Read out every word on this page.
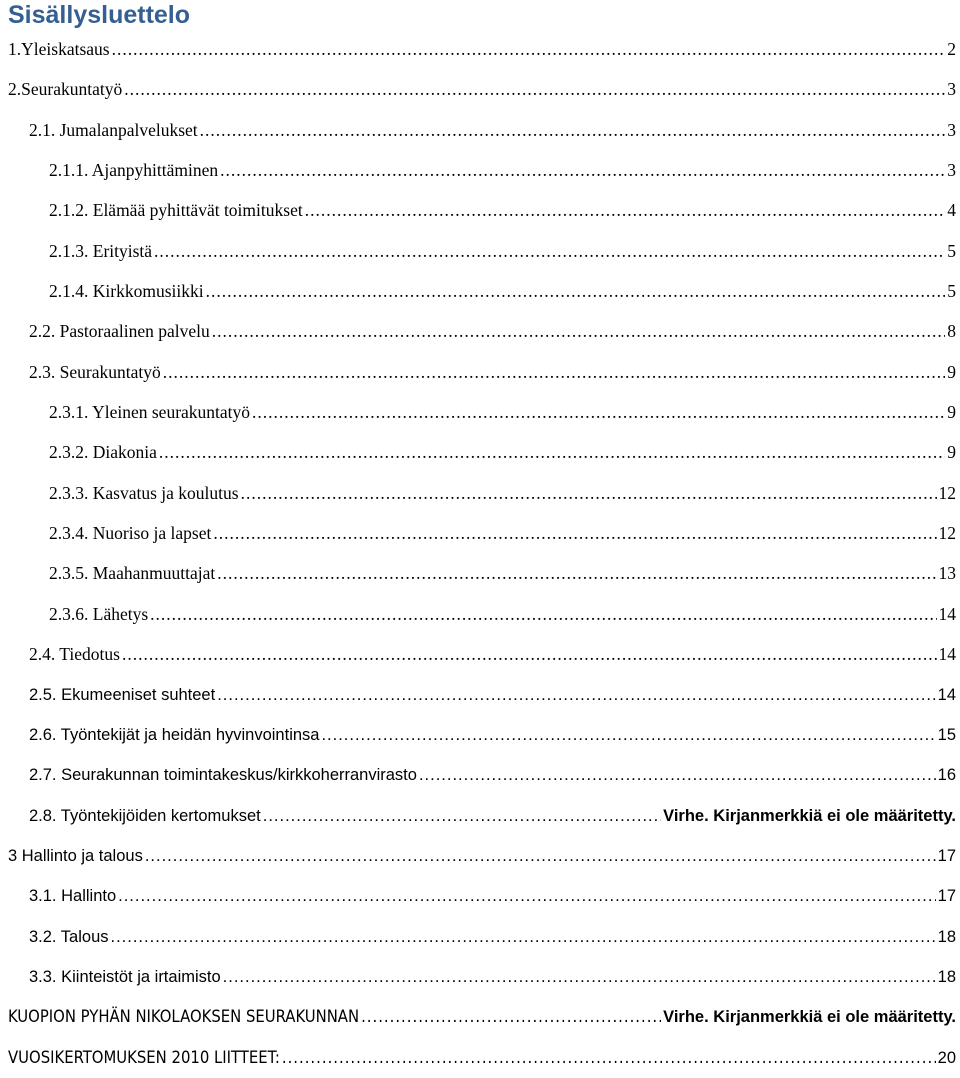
Sisällysluettelo
1.Yleiskatsaus .....	2
2.Seurakuntatyö .....	3
2.1. Jumalanpalvelukset .....	3
2.1.1. Ajanpyhittäminen .....	3
2.1.2. Elämää pyhittävät toimitukset .....	4
2.1.3. Erityistä .....	5
2.1.4. Kirkkomusiikki .....	5
2.2. Pastoraalinen palvelu .....	8
2.3. Seurakuntatyö .....	9
2.3.1. Yleinen seurakuntatyö .....	9
2.3.2. Diakonia .....	9
2.3.3. Kasvatus ja koulutus .....	12
2.3.4. Nuoriso ja lapset .....	12
2.3.5. Maahanmuuttajat .....	13
2.3.6. Lähetys .....	14
2.4. Tiedotus .....	14
2.5. Ekumeeniset suhteet .....	14
2.6. Työntekijät ja heidän hyvinvointinsa .....	15
2.7. Seurakunnan toimintakeskus/kirkkoherranvirasto .....	16
2.8. Työntekijöiden kertomukset .....	Virhe. Kirjanmerkkiä ei ole määritetty.
3 Hallinto ja talous .....	17
3.1. Hallinto .....	17
3.2. Talous .....	18
3.3. Kiinteistöt ja irtaimisto .....	18
KUOPION PYHÄN NIKOLAOKSEN SEURAKUNNAN .....	Virhe. Kirjanmerkkiä ei ole määritetty.
VUOSIKERTOMUKSEN 2010 LIITTEET: .....	20
